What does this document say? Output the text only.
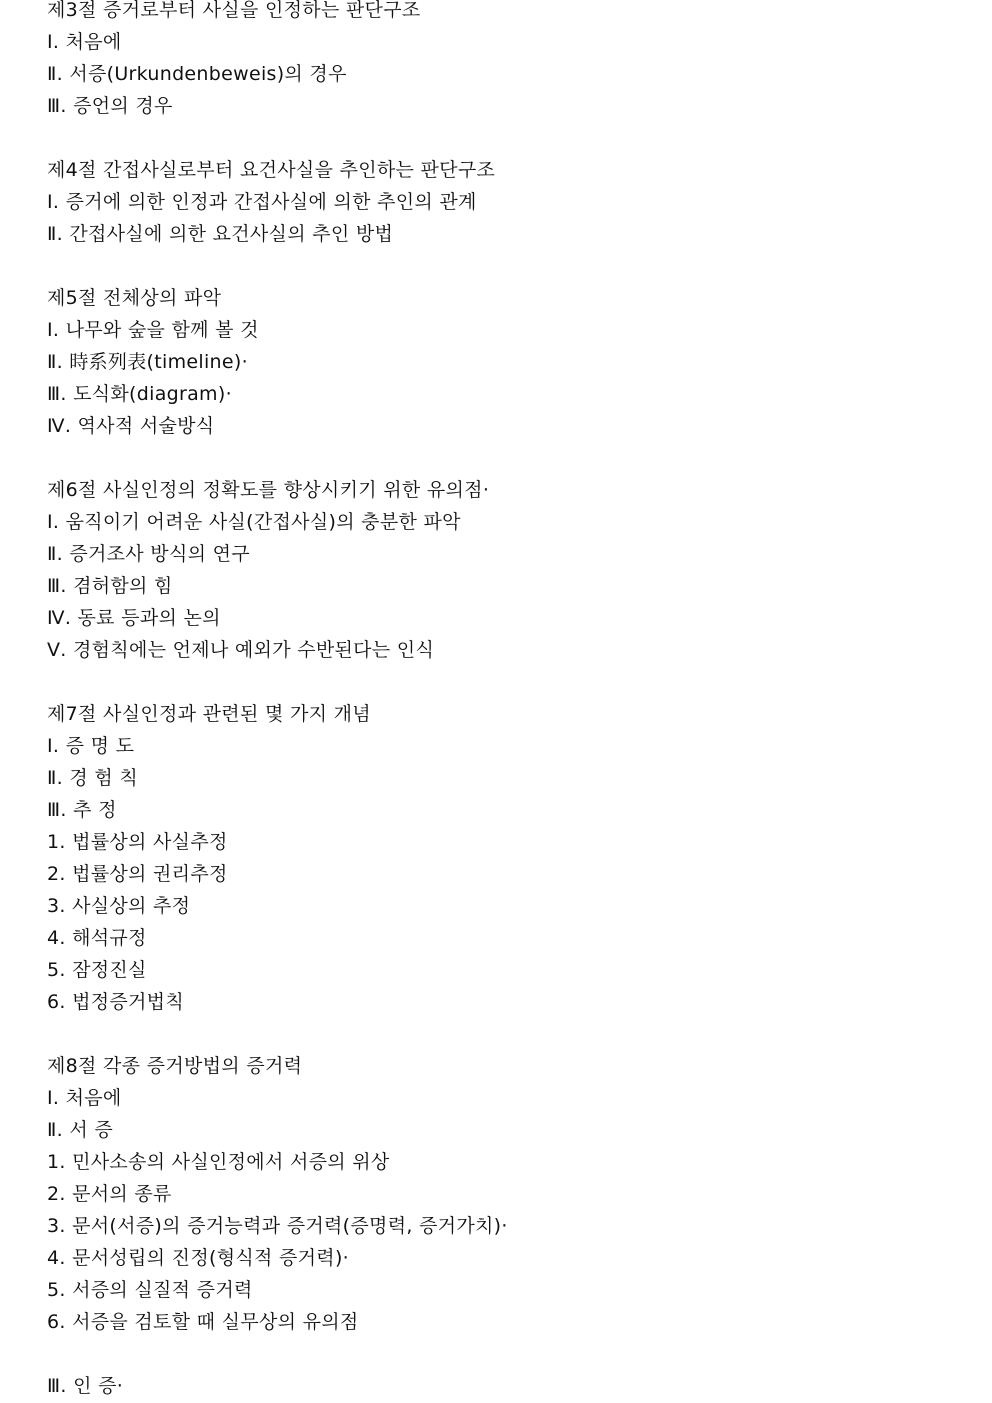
제3절 증거로부터 사실을 인정하는 판단구조
Ⅰ. 처음에
Ⅱ. 서증(Urkundenbeweis)의 경우
Ⅲ. 증언의 경우
제4절 간접사실로부터 요건사실을 추인하는 판단구조
Ⅰ. 증거에 의한 인정과 간접사실에 의한 추인의 관계
Ⅱ. 간접사실에 의한 요건사실의 추인 방법
제5절 전체상의 파악
Ⅰ. 나무와 숲을 함께 볼 것
Ⅱ. 時系列表(timeline)·
Ⅲ. 도식화(diagram)·
Ⅳ. 역사적 서술방식
제6절 사실인정의 정확도를 향상시키기 위한 유의점·
Ⅰ. 움직이기 어려운 사실(간접사실)의 충분한 파악
Ⅱ. 증거조사 방식의 연구
Ⅲ. 겸허함의 힘
Ⅳ. 동료 등과의 논의
Ⅴ. 경험칙에는 언제나 예외가 수반된다는 인식
제7절 사실인정과 관련된 몇 가지 개념
Ⅰ. 증 명 도
Ⅱ. 경 험 칙
Ⅲ. 추 정
1. 법률상의 사실추정
2. 법률상의 권리추정
3. 사실상의 추정
4. 해석규정
5. 잠정진실
6. 법정증거법칙
제8절 각종 증거방법의 증거력
Ⅰ. 처음에
Ⅱ. 서 증
1. 민사소송의 사실인정에서 서증의 위상
2. 문서의 종류
3. 문서(서증)의 증거능력과 증거력(증명력, 증거가치)·
4. 문서성립의 진정(형식적 증거력)·
5. 서증의 실질적 증거력
6. 서증을 검토할 때 실무상의 유의점
Ⅲ. 인 증·
